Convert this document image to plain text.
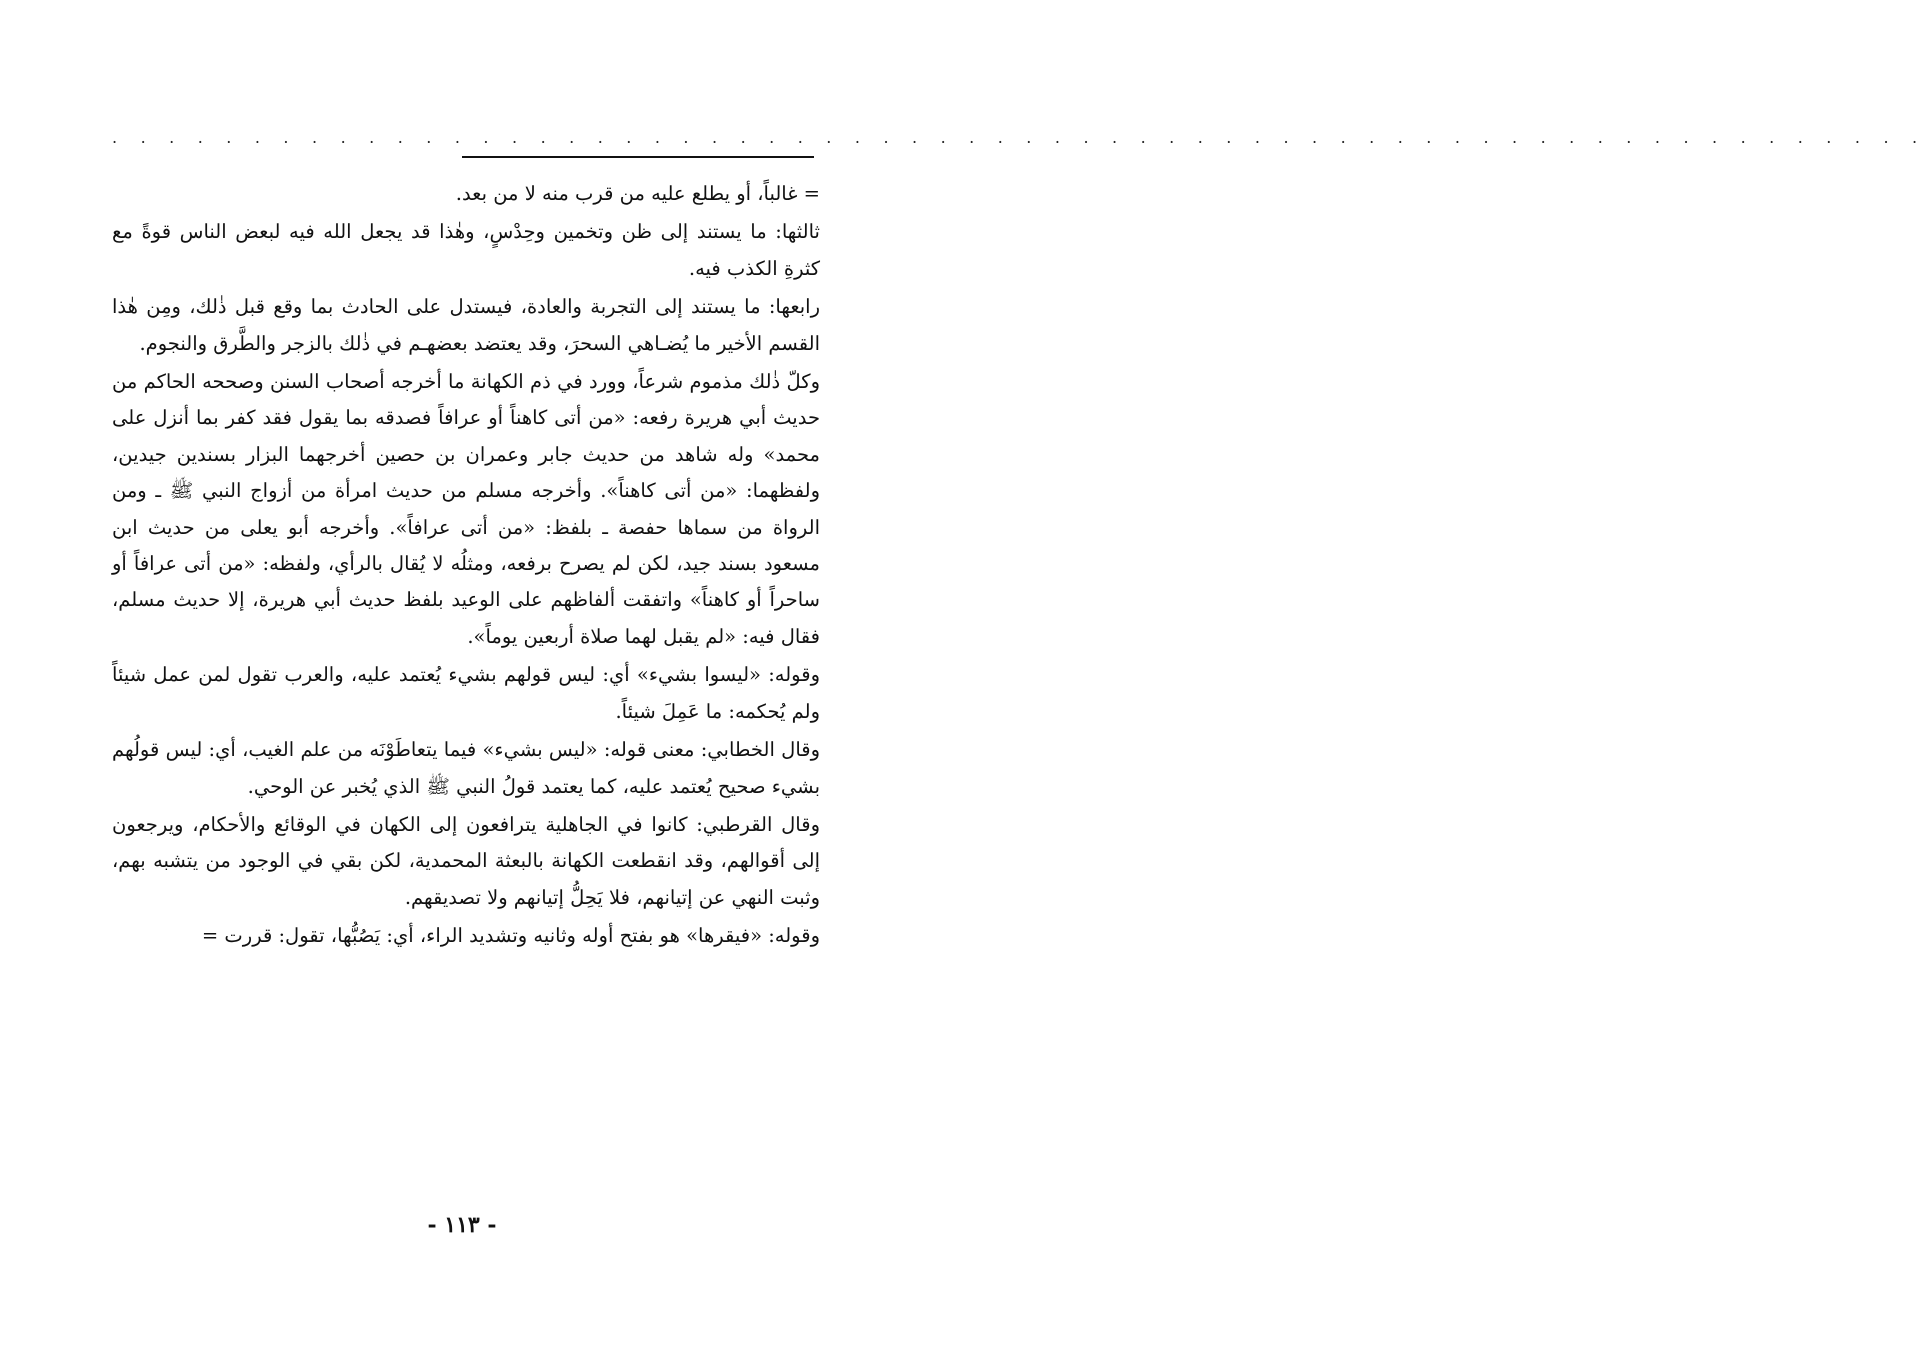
. . . . . . . . . . . . . . . . . . . . . . . . . . . . . . . . . . . . . . . . . . . . . . . . . . . . . . . . . . . . . . . .

= غالباً، أو يطلع عليه من قرب منه لا من بعد.

ثالثها: ما يستند إلى ظن وتخمين وحِدْسٍ، وهٰذا قد يجعل الله فيه لبعض الناس قوةً مع كثرةِ الكذب فيه.

رابعها: ما يستند إلى التجربة والعادة، فيستدل على الحادث بما وقع قبل ذٰلك، ومِن هٰذا القسم الأخير ما يُضـاهي السحرَ، وقد يعتضد بعضهـم في ذٰلك بالزجر والطَّرق والنجوم.

وكلّ ذٰلك مذموم شرعاً، وورد في ذم الكهانة ما أخرجه أصحاب السنن وصححه الحاكم من حديث أبي هريرة رفعه: «من أتى كاهناً أو عرافاً فصدقه بما يقول فقد كفر بما أنزل على محمد» وله شاهد من حديث جابر وعمران بن حصين أخرجهما البزار بسندين جيدين، ولفظهما: «من أتى كاهناً». وأخرجه مسلم من حديث امرأة من أزواج النبي ﷺ ـ ومن الرواة من سماها حفصة ـ بلفظ: «من أتى عرافاً». وأخرجه أبو يعلى من حديث ابن مسعود بسند جيد، لكن لم يصرح برفعه، ومثلُه لا يُقال بالرأي، ولفظه: «من أتى عرافاً أو ساحراً أو كاهناً» واتفقت ألفاظهم على الوعيد بلفظ حديث أبي هريرة، إلا حديث مسلم، فقال فيه: «لم يقبل لهما صلاة أربعين يوماً».

وقوله: «ليسوا بشيء» أي: ليس قولهم بشيء يُعتمد عليه، والعرب تقول لمن عمل شيئاً ولم يُحكمه: ما عَمِلَ شيئاً.

وقال الخطابي: معنى قوله: «ليس بشيء» فيما يتعاطَوْنَه من علم الغيب، أي: ليس قولُهم بشيء صحيح يُعتمد عليه، كما يعتمد قولُ النبي ﷺ الذي يُخبر عن الوحي.

وقال القرطبي: كانوا في الجاهلية يترافعون إلى الكهان في الوقائع والأحكام، ويرجعون إلى أقوالهم، وقد انقطعت الكهانة بالبعثة المحمدية، لكن بقي في الوجود من يتشبه بهم، وثبت النهي عن إتيانهم، فلا يَحِلُّ إتيانهم ولا تصديقهم.

وقوله: «فيقرها» هو بفتح أوله وثانيه وتشديد الراء، أي: يَصُبُّها، تقول: قررت =

- ١١٣ -
